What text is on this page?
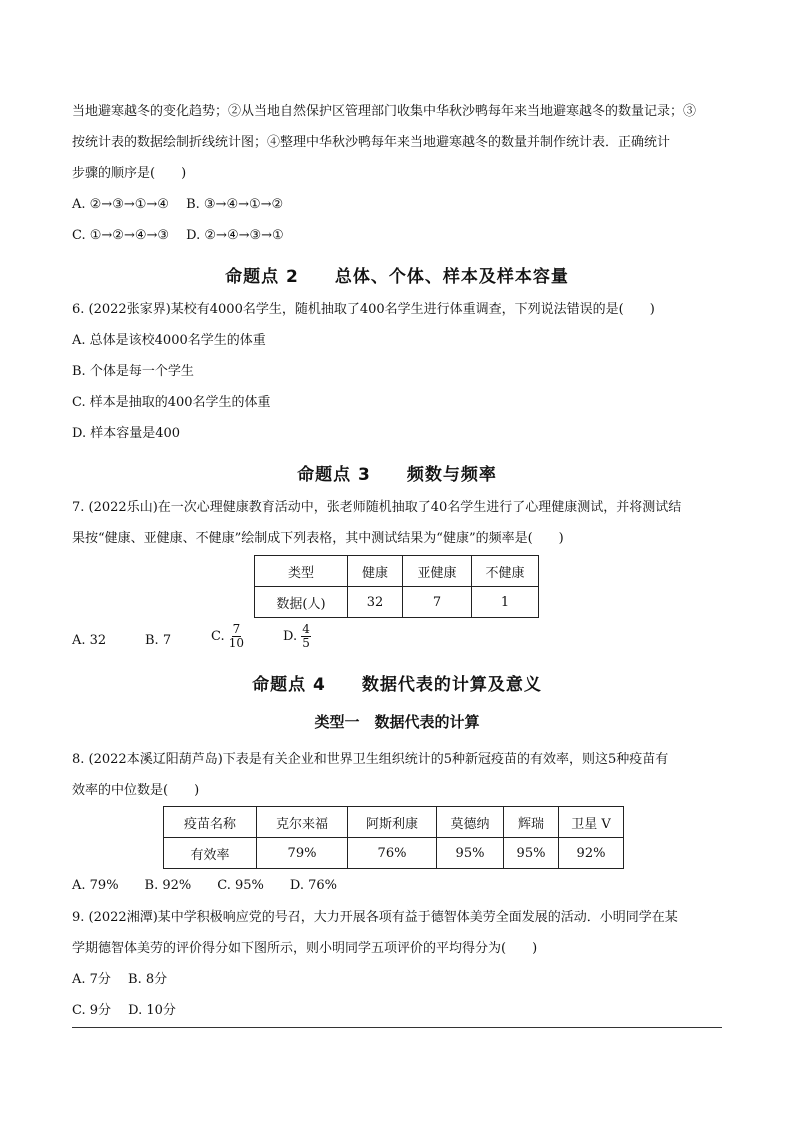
当地避寒越冬的变化趋势；②从当地自然保护区管理部门收集中华秋沙鸭每年来当地避寒越冬的数量记录；③
按统计表的数据绘制折线统计图；④整理中华秋沙鸭每年来当地避寒越冬的数量并制作统计表．正确统计
步骤的顺序是(　　)
A. ②→③→①→④　 B. ③→④→①→②
C. ①→②→④→③　 D. ②→④→③→①
命题点 2　　总体、个体、样本及样本容量
6. (2022张家界)某校有4000名学生，随机抽取了400名学生进行体重调查，下列说法错误的是(　　)
A. 总体是该校4000名学生的体重
B. 个体是每一个学生
C. 样本是抽取的400名学生的体重
D. 样本容量是400
命题点 3　　频数与频率
7. (2022乐山)在一次心理健康教育活动中，张老师随机抽取了40名学生进行了心理健康测试，并将测试结
果按“健康、亚健康、不健康”绘制成下列表格，其中测试结果为“健康”的频率是(　　)
类型	健康	亚健康	不健康
数据(人)	32	7	1
A. 32	B. 7	C. $\frac{7}{10}$	D. $\frac{4}{5}$
命题点 4　　数据代表的计算及意义
类型一　数据代表的计算
8. (2022本溪辽阳葫芦岛)下表是有关企业和世界卫生组织统计的5种新冠疫苗的有效率，则这5种疫苗有
效率的中位数是(　　)
疫苗名称	克尔来福	阿斯利康	莫德纳	辉瑞	卫星 V
有效率	79%	76%	95%	95%	92%
A. 79%　　B. 92%　　C. 95%　　D. 76%
9. (2022湘潭)某中学积极响应党的号召，大力开展各项有益于德智体美劳全面发展的活动．小明同学在某
学期德智体美劳的评价得分如下图所示，则小明同学五项评价的平均得分为(　　)
A. 7分　 B. 8分
C. 9分　 D. 10分
